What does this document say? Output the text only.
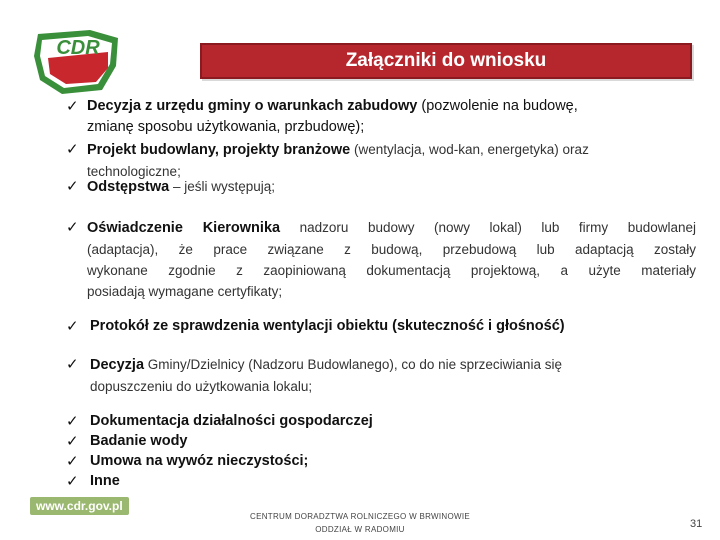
CDR
Załączniki do wniosku
✓ Decyzja z urzędu gminy o warunkach zabudowy (pozwolenie na budowę,
zmianę sposobu użytkowania, przbudowę);
✓ Projekt budowlany, projekty branżowe (wentylacja, wod-kan, energetyka) oraz
technologiczne;
✓ Odstępstwa – jeśli występują;
✓ Oświadczenie Kierownika nadzoru budowy (nowy lokal) lub firmy budowlanej
(adaptacja), że prace związane z budową, przebudową lub adaptacją zostały
wykonane zgodnie z zaopiniowaną dokumentacją projektową, a użyte materiały
posiadają wymagane certyfikaty;
✓ Protokół ze sprawdzenia wentylacji obiektu (skuteczność i głośność)
✓ Decyzja Gminy/Dzielnicy (Nadzoru Budowlanego), co do nie sprzeciwiania się
dopuszczeniu do użytkowania lokalu;
✓ Dokumentacja działalności gospodarczej
✓ Badanie wody
✓ Umowa na wywóz nieczystości;
✓ Inne
www.cdr.gov.pl
CENTRUM DORADZTWA ROLNICZEGO W BRWINOWIE
ODDZIAŁ W RADOMIU	31
